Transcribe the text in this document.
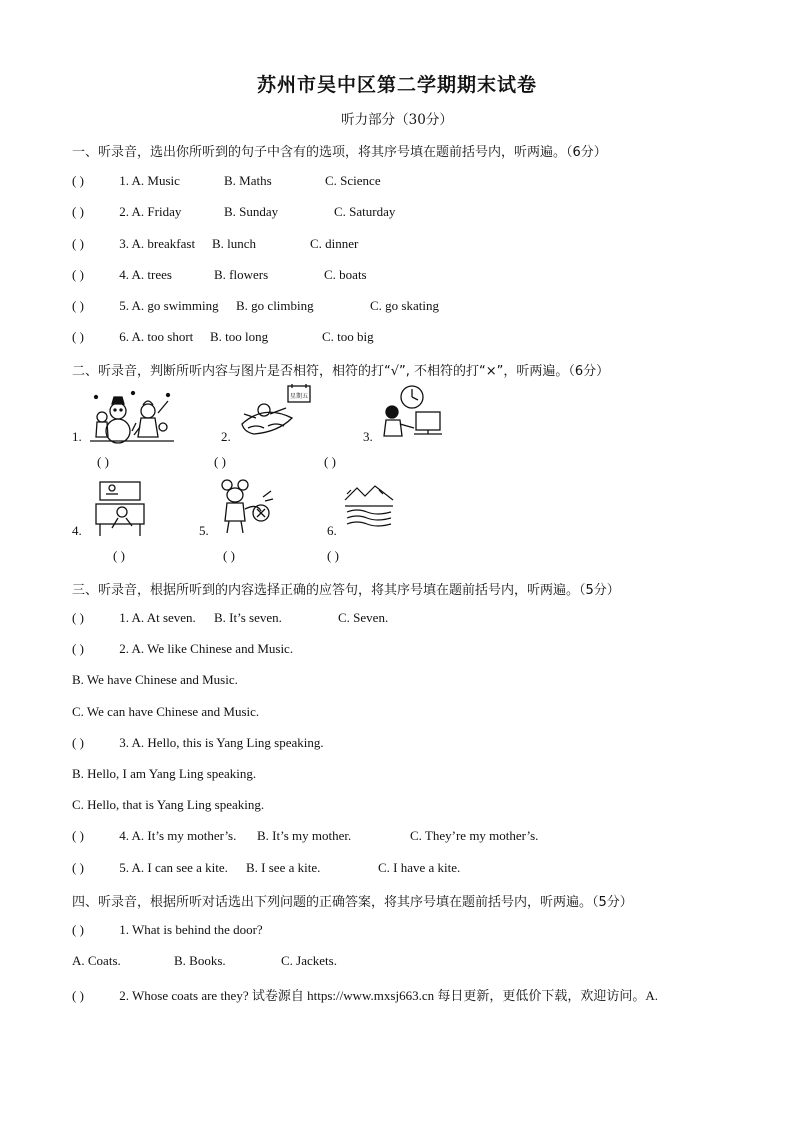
苏州市吴中区第二学期期末试卷
听力部分（30分）
一、听录音，选出你所听到的句子中含有的选项，将其序号填在题前括号内，听两遍。（6分）
( )	1. A. Music	B. Maths	C. Science
( )	2. A. Friday	B. Sunday	C. Saturday
( )	3. A. breakfast B. lunch	C. dinner
( )	4. A. trees	B. flowers	C. boats
( )	5. A. go swimming B. go climbing	C. go skating
( )	6. A. too short B. too long	C. too big
二、听录音，判断所听内容与图片是否相符，相符的打“√”, 不相符的打“×”，听两遍。（6分）
1.
( )
2.
星期五
( )
3.
( )
4.
( )
5.
( )
6.
( )
三、听录音，根据所听到的内容选择正确的应答句，将其序号填在题前括号内，听两遍。（5分）
( )	1. A. At seven. B. It’s seven.	C. Seven.
( )	2. A. We like Chinese and Music.
B. We have Chinese and Music.
C. We can have Chinese and Music.
( )	3. A. Hello, this is Yang Ling speaking.
B. Hello, I am Yang Ling speaking.
C. Hello, that is Yang Ling speaking.
( )	4. A. It’s my mother’s. B. It’s my mother.	C. They’re my mother’s.
( )	5. A. I can see a kite. B. I see a kite.	C. I have a kite.
四、听录音，根据所听对话选出下列问题的正确答案，将其序号填在题前括号内，听两遍。（5分）
( )	1. What is behind the door?
A. Coats.	B. Books.	C. Jackets.
( )	2. Whose coats are they? 试卷源自 https://www.mxsj663.cn 每日更新，更低价下载，欢迎访问。A.
